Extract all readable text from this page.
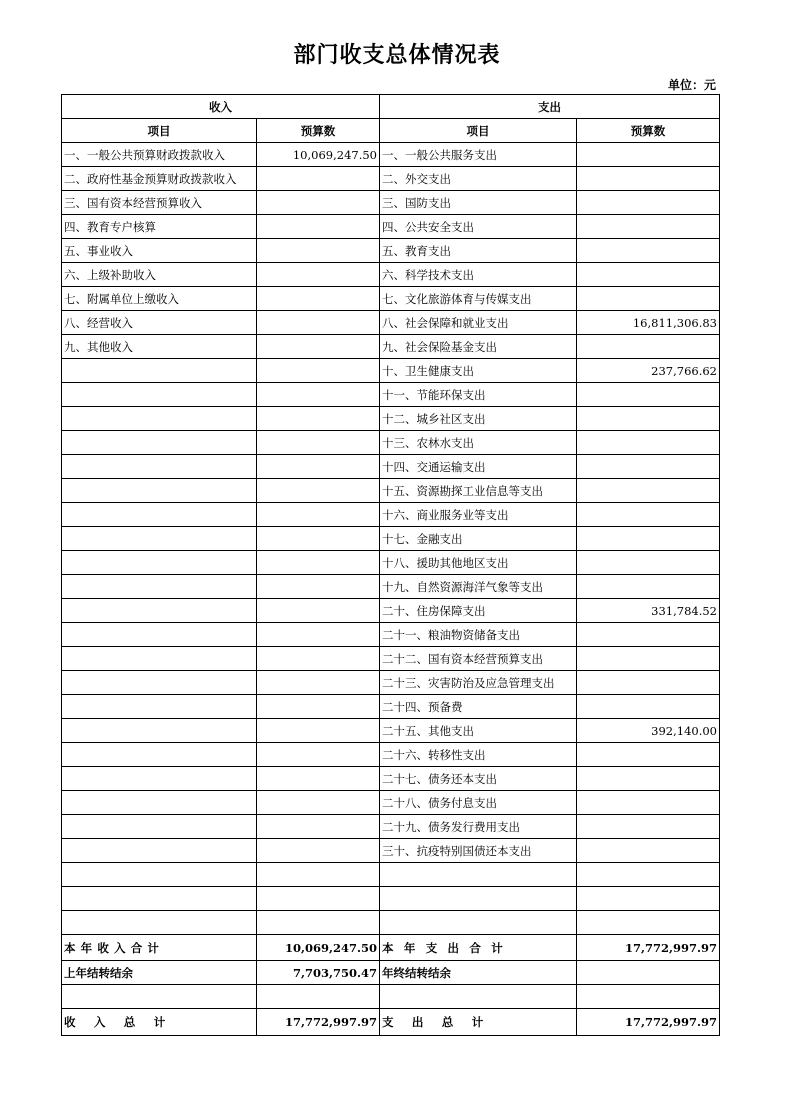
部门收支总体情况表
单位：元
收入		支出	
项目	预算数	项目	预算数
一、一般公共预算财政拨款收入	10,069,247.50	一、一般公共服务支出	
二、政府性基金预算财政拨款收入		二、外交支出	
三、国有资本经营预算收入		三、国防支出	
四、教育专户核算		四、公共安全支出	
五、事业收入		五、教育支出	
六、上级补助收入		六、科学技术支出	
七、附属单位上缴收入		七、文化旅游体育与传媒支出	
八、经营收入		八、社会保障和就业支出	16,811,306.83
九、其他收入		九、社会保险基金支出	
		十、卫生健康支出	237,766.62
		十一、节能环保支出	
		十二、城乡社区支出	
		十三、农林水支出	
		十四、交通运输支出	
		十五、资源勘探工业信息等支出	
		十六、商业服务业等支出	
		十七、金融支出	
		十八、援助其他地区支出	
		十九、自然资源海洋气象等支出	
		二十、住房保障支出	331,784.52
		二十一、粮油物资储备支出	
		二十二、国有资本经营预算支出	
		二十三、灾害防治及应急管理支出	
		二十四、预备费	
		二十五、其他支出	392,140.00
		二十六、转移性支出	
		二十七、债务还本支出	
		二十八、债务付息支出	
		二十九、债务发行费用支出	
		三十、抗疫特别国债还本支出	

本年收入合计	10,069,247.50	本年支出合计	17,772,997.97
上年结转结余	7,703,750.47	年终结转结余	

收入总计	17,772,997.97	支出总计	17,772,997.97
